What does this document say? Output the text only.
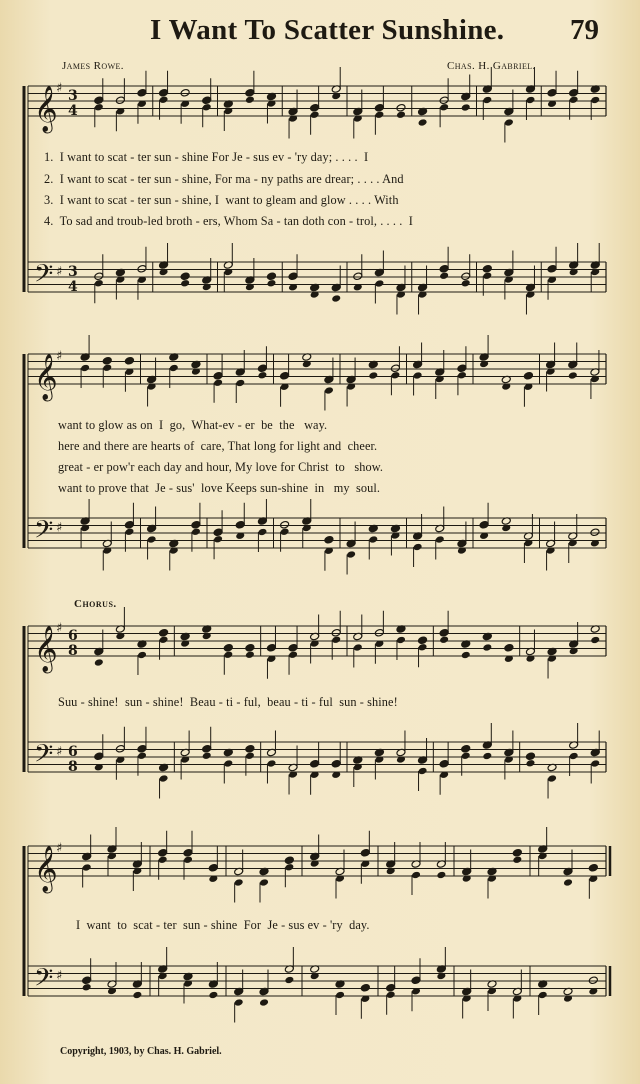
I Want To Scatter Sunshine. 79
James Rowe.	Chas. H. Gabriel.
𝄞
♯ 3
4
𝄢 ♯ 3
4
1. I want to scat - ter sun - shine For Je - sus ev - 'ry day; . . . .  I
2. I want to scat - ter sun - shine, For ma - ny paths are drear; . . . . And
3. I want to scat - ter sun - shine, I  want to gleam and glow . . . . With
4. To sad and troub-led broth - ers, Whom Sa - tan doth con - trol, . . . .  I
𝄞
♯
𝄢 ♯
want to glow as on  I  go,  What-ev - er  be  the   way.
here and there are hearts of  care, That long for light and  cheer.
great - er pow'r each day and hour, My love for Christ  to   show.
want to prove that  Je - sus'  love Keeps sun-shine  in   my  soul.
Chorus.
𝄞
♯ 6
8
𝄢 ♯ 6
8
Suu - shine!  sun - shine!  Beau - ti - ful,  beau - ti - ful  sun - shine!
𝄞
♯
𝄢 ♯
I  want  to  scat - ter  sun - shine  For  Je - sus ev - 'ry  day.
Copyright, 1903, by Chas. H. Gabriel.
